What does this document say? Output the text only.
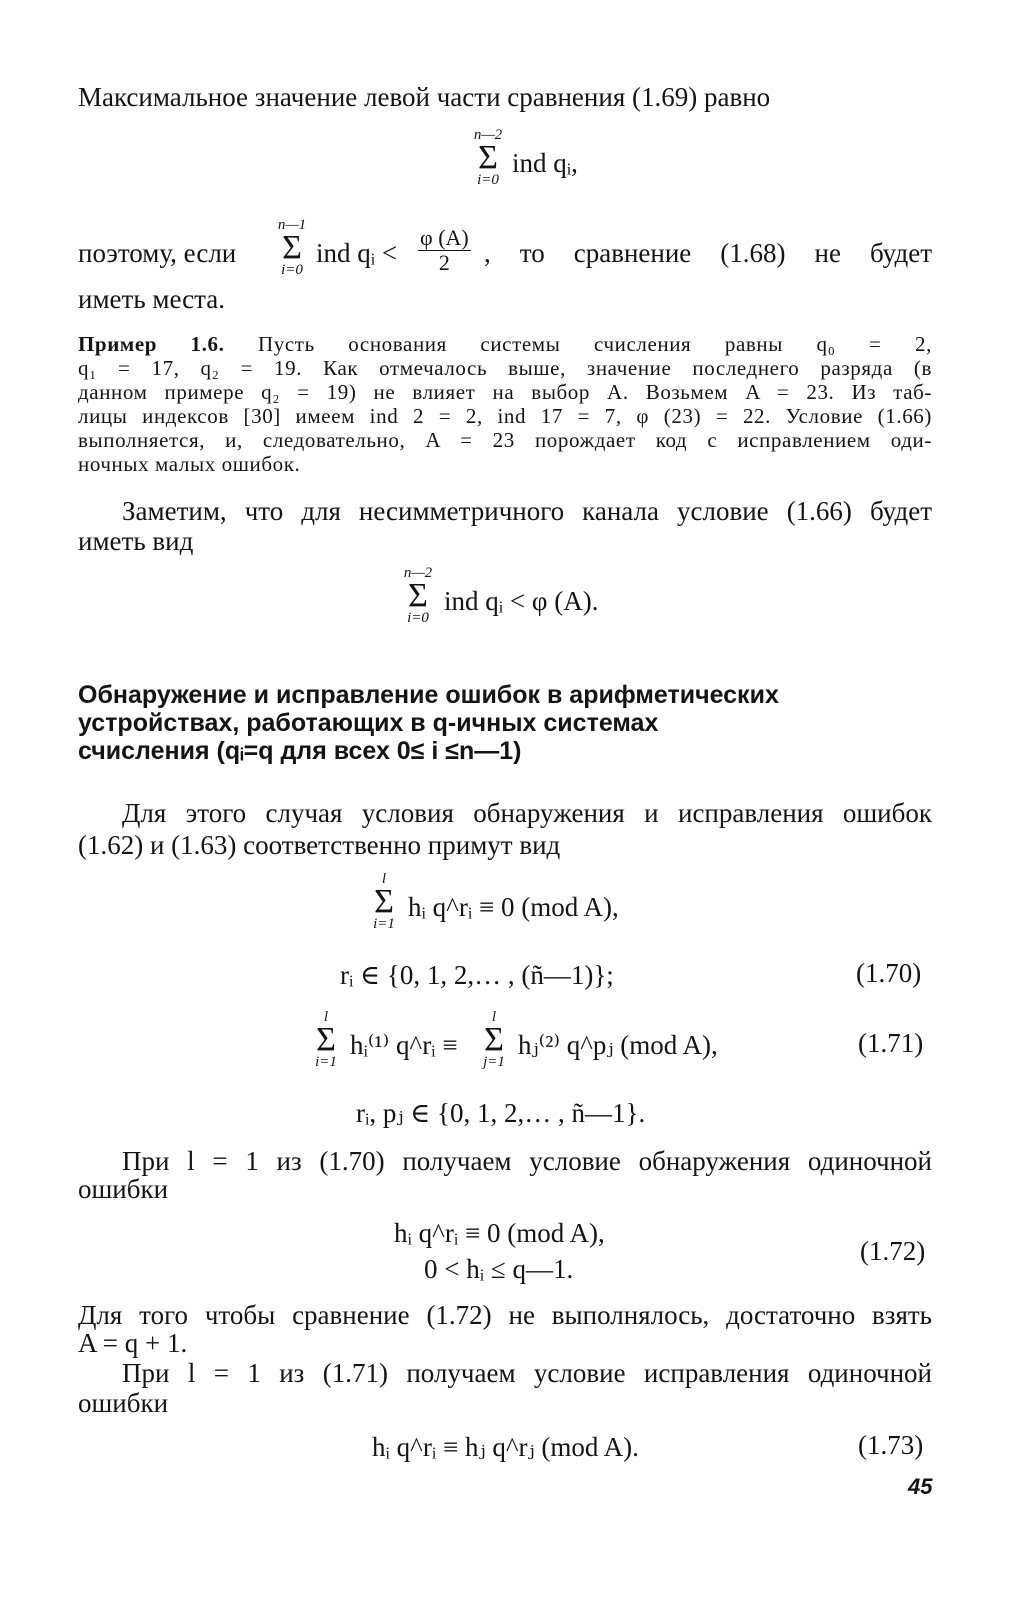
Максимальное значение левой части сравнения (1.69) равно
n—2
Σ
i=0
ind qᵢ,
поэтому, если
n—1
Σ
i=0
ind qᵢ < $\frac{\varphi (A)}{2}$ , то сравнение (1.68) не будет
иметь места.
Пример 1.6. Пусть основания системы счисления равны q₀ = 2,
q₁ = 17, q₂ = 19. Как отмечалось выше, значение последнего разряда (в
данном примере q₂ = 19) не влияет на выбор A. Возьмем A = 23. Из таб-
лицы индексов [30] имеем ind 2 = 2, ind 17 = 7, φ (23) = 22. Условие (1.66)
выполняется, и, следовательно, A = 23 порождает код с исправлением оди-
ночных малых ошибок.
Заметим, что для несимметричного канала условие (1.66) будет
иметь вид
n—2
Σ
i=0
ind qᵢ < φ (A).
Обнаружение и исправление ошибок в арифметических
устройствах, работающих в q-ичных системах
счисления (qᵢ=q для всех 0≤ i ≤n—1)
Для этого случая условия обнаружения и исправления ошибок
(1.62) и (1.63) соответственно примут вид
l
Σ
i=1
hᵢ q^rᵢ ≡ 0 (mod A),
rᵢ ∈ {0, 1, 2,… , (ñ—1)};	(1.70)
l
Σ
i=1
hᵢ⁽¹⁾ q^rᵢ ≡
l
Σ
j=1
hⱼ⁽²⁾ q^pⱼ (mod A),	(1.71)
rᵢ, pⱼ ∈ {0, 1, 2,… , ñ—1}.
При l = 1 из (1.70) получаем условие обнаружения одиночной
ошибки
hᵢ q^rᵢ ≡ 0 (mod A),
0 < hᵢ ≤ q—1.
(1.72)
Для того чтобы сравнение (1.72) не выполнялось, достаточно взять
A = q + 1.
При l = 1 из (1.71) получаем условие исправления одиночной
ошибки
hᵢ q^rᵢ ≡ hⱼ q^rⱼ (mod A).	(1.73)
45
